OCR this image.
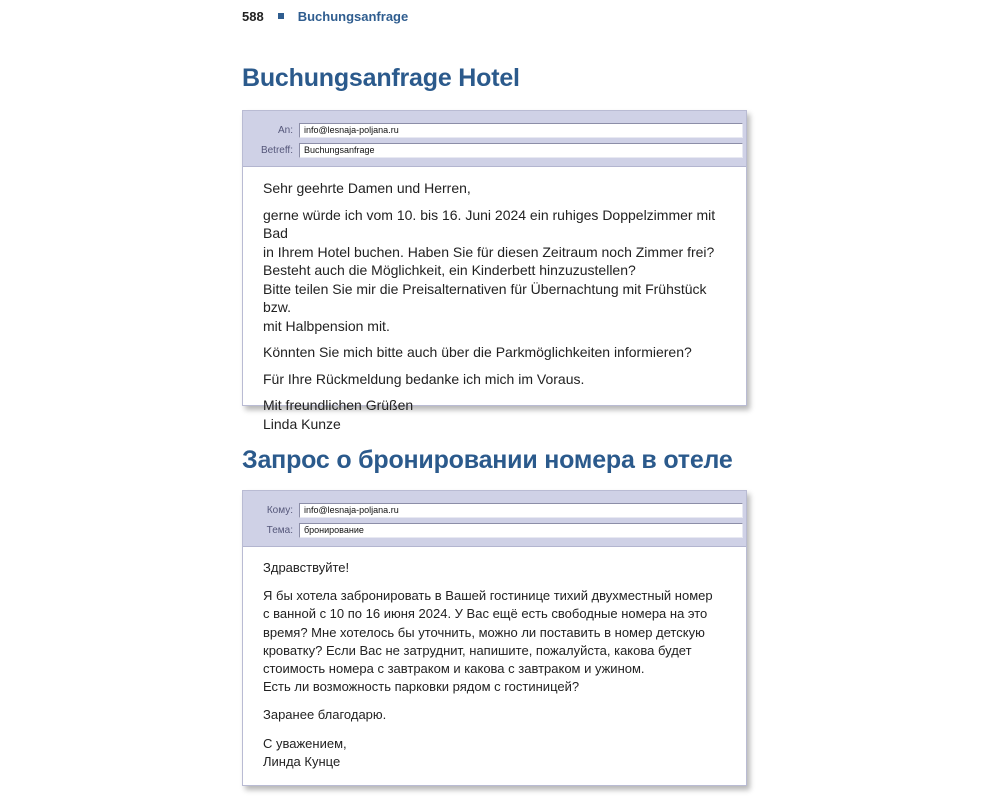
588	Buchungsanfrage
Buchungsanfrage Hotel
An:	info@lesnaja-poljana.ru
Betreff:	Buchungsanfrage

Sehr geehrte Damen und Herren,

gerne würde ich vom 10. bis 16. Juni 2024 ein ruhiges Doppelzimmer mit Bad
in Ihrem Hotel buchen. Haben Sie für diesen Zeitraum noch Zimmer frei?
Besteht auch die Möglichkeit, ein Kinderbett hinzuzustellen?
Bitte teilen Sie mir die Preisalternativen für Übernachtung mit Frühstück bzw.
mit Halbpension mit.

Könnten Sie mich bitte auch über die Parkmöglichkeiten informieren?

Für Ihre Rückmeldung bedanke ich mich im Voraus.

Mit freundlichen Grüßen
Linda Kunze

Запрос о бронировании номера в отеле
Кому:	info@lesnaja-poljana.ru
Тема:	бронирование

Здравствуйте!

Я бы хотела забронировать в Вашей гостинице тихий двухместный номер
с ванной с 10 по 16 июня 2024. У Вас ещё есть свободные номера на это
время? Мне хотелось бы уточнить, можно ли поставить в номер детскую
кроватку? Если Вас не затруднит, напишите, пожалуйста, какова будет
стоимость номера с завтраком и какова с завтраком и ужином.
Есть ли возможность парковки рядом с гостиницей?

Заранее благодарю.

С уважением,
Линда Кунце
